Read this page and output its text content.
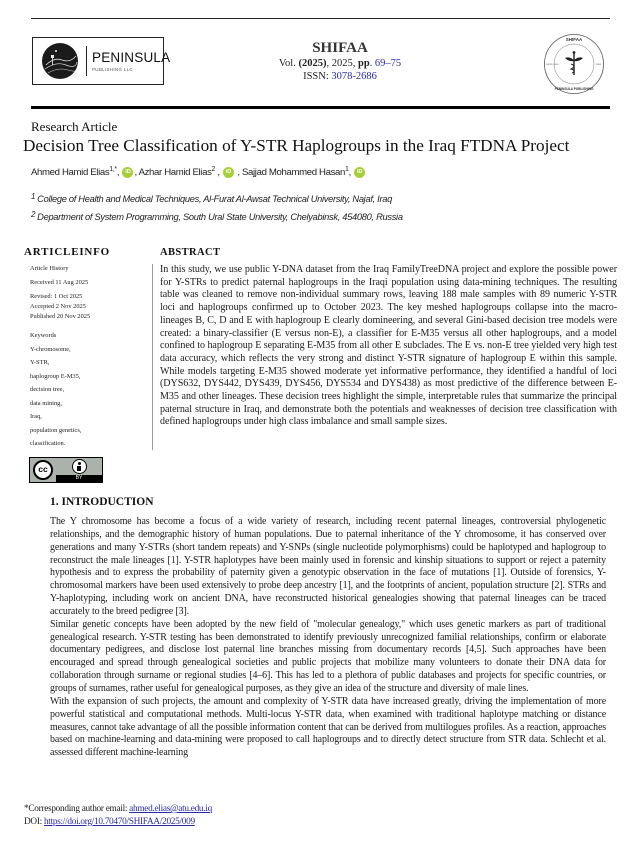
PENINSULA
PUBLISHING LLC
SHIFAA
Vol. (2025), 2025, pp. 69–75
ISSN: 3078-2686
SHIFAA
ESTD. 2024	2024
PENINSULA PUBLISHING
Research Article
Decision Tree Classification of Y-STR Haplogroups in the Iraq FTDNA Project
Ahmed Hamid Elias$^{1,*}$, iD , Azhar Hamid Elias$^2$ , iD , Sajjad Mohammed Hasan$^1$, iD
$^1$ College of Health and Medical Techniques, Al-Furat Al-Awsat Technical University, Najaf, Iraq
$^2$ Department of System Programming, South Ural State University, Chelyabinsk, 454080, Russia
ARTICLEINFO
Article History
Received 11 Aug 2025
Revised: 1 Oct 2025
Accepted 2 Nov 2025
Published 20 Nov 2025
Keywords
Y-chromosome,
Y-STR,
haplogroup E-M35,
decision tree,
data mining,
Iraq,
population genetics,
classification.
cc
BY
ABSTRACT
In this study, we use public Y-DNA dataset from the Iraq FamilyTreeDNA project and explore the possible power for Y-STRs to predict paternal haplogroups in the Iraqi population using data-mining techniques. The resulting table was cleaned to remove non-individual summary rows, leaving 188 male samples with 89 numeric Y-STR loci and haplogroups confirmed up to October 2023. The key meshed haplogroups collapse into the macro-lineages B, C, D and E with haplogroup E clearly domineering, and several Gini-based decision tree models were created: a binary-classifier (E versus non-E), a classifier for E-M35 versus all other haplogroups, and a model confined to haplogroup E separating E-M35 from all other E subclades. The E vs. non-E tree yielded very high test data accuracy, which reflects the very strong and distinct Y-STR signature of haplogroup E within this sample. While models targeting E-M35 showed moderate yet informative performance, they identified a handful of loci (DYS632, DYS442, DYS439, DYS456, DYS534 and DYS438) as most predictive of the difference between E-M35 and other lineages. These decision trees highlight the simple, interpretable rules that summarize the principal paternal structure in Iraq, and demonstrate both the potentials and weaknesses of decision tree classification with defined haplogroups under high class imbalance and small sample sizes.
1. INTRODUCTION

The Y chromosome has become a focus of a wide variety of research, including recent paternal lineages, controversial phylogenetic relationships, and the demographic history of human populations. Due to paternal inheritance of the Y chromosome, it has conserved over generations and many Y-STRs (short tandem repeats) and Y-SNPs (single nucleotide polymorphisms) could be haplotyped and haplogroup to reconstruct the male lineages [1]. Y-STR haplotypes have been mainly used in forensic and kinship situations to support or reject a paternity hypothesis and to express the probability of paternity given a genotypic observation in the face of mutations [1]. Outside of forensics, Y-chromosomal markers have been used extensively to probe deep ancestry [1], and the footprints of ancient, population structure [2]. STRs and Y-haplotyping, including work on ancient DNA, have reconstructed historical genealogies showing that paternal lineages can be traced accurately to the breed pedigree [3].

Similar genetic concepts have been adopted by the new field of "molecular genealogy," which uses genetic markers as part of traditional genealogical research. Y-STR testing has been demonstrated to identify previously unrecognized familial relationships, confirm or elaborate documentary pedigrees, and disclose lost paternal line branches missing from documentary records [4,5]. Such approaches have been encouraged and spread through genealogical societies and public projects that mobilize many volunteers to donate their DNA data for collaboration through surname or regional studies [4–6]. This has led to a plethora of public databases and projects for specific countries, or groups of surnames, rather useful for genealogical purposes, as they give an idea of the structure and diversity of male lines.

With the expansion of such projects, the amount and complexity of Y-STR data have increased greatly, driving the implementation of more powerful statistical and computational methods. Multi-locus Y-STR data, when examined with traditional haplotype matching or distance measures, cannot take advantage of all the possible information content that can be derived from multilogues profiles. As a reaction, approaches based on machine-learning and data-mining were proposed to call haplogroups and to directly detect structure from STR data. Schlecht et al. assessed different machine-learning

*Corresponding author email: ahmed.elias@atu.edu.iq
DOI: https://doi.org/10.70470/SHIFAA/2025/009
